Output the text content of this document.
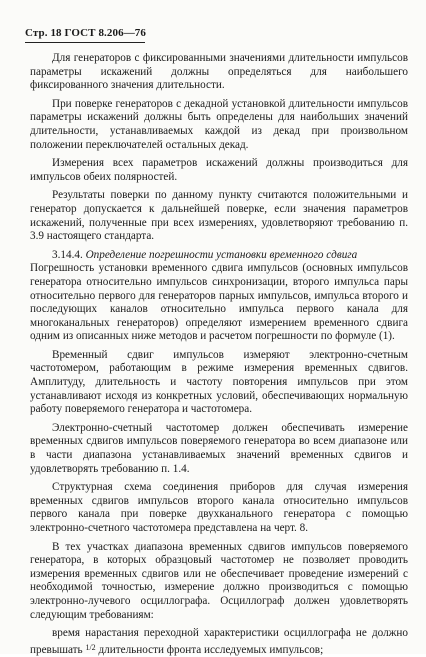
Стр. 18 ГОСТ 8.206—76

Для генераторов с фиксированными значениями длительности импульсов параметры искажений должны определяться для наибольшего фиксированного значения длительности.

При поверке генераторов с декадной установкой длительности импульсов параметры искажений должны быть определены для наибольших значений длительности, устанавливаемых каждой из декад при произвольном положении переключателей остальных декад.

Измерения всех параметров искажений должны производиться для импульсов обеих полярностей.

Результаты поверки по данному пункту считаются положительными и генератор допускается к дальнейшей поверке, если значения параметров искажений, полученные при всех измерениях, удовлетворяют требованию п. 3.9 настоящего стандарта.

3.14.4. Определение погрешности установки временного сдвига

Погрешность установки временного сдвига импульсов (основных импульсов генератора относительно импульсов синхронизации, второго импульса пары относительно первого для генераторов парных импульсов, импульса второго и последующих каналов относительно импульса первого канала для многоканальных генераторов) определяют измерением временного сдвига одним из описанных ниже методов и расчетом погрешности по формуле (1).

Временный сдвиг импульсов измеряют электронно-счетным частотомером, работающим в режиме измерения временных сдвигов. Амплитуду, длительность и частоту повторения импульсов при этом устанавливают исходя из конкретных условий, обеспечивающих нормальную работу поверяемого генератора и частотомера.

Электронно-счетный частотомер должен обеспечивать измерение временных сдвигов импульсов поверяемого генератора во всем диапазоне или в части диапазона устанавливаемых значений временных сдвигов и удовлетворять требованию п. 1.4.

Структурная схема соединения приборов для случая измерения временных сдвигов импульсов второго канала относительно импульсов первого канала при поверке двухканального генератора с помощью электронно-счетного частотомера представлена на черт. 8.

В тех участках диапазона временных сдвигов импульсов поверяемого генератора, в которых образцовый частотомер не позволяет проводить измерения временных сдвигов или не обеспечивает проведение измерений с необходимой точностью, измерение должно производиться с помощью электронно-лучевого осциллографа. Осциллограф должен удовлетворять следующим требованиям:

время нарастания переходной характеристики осциллографа не должно превышать $^{1/2}$ длительности фронта исследуемых импульсов;
